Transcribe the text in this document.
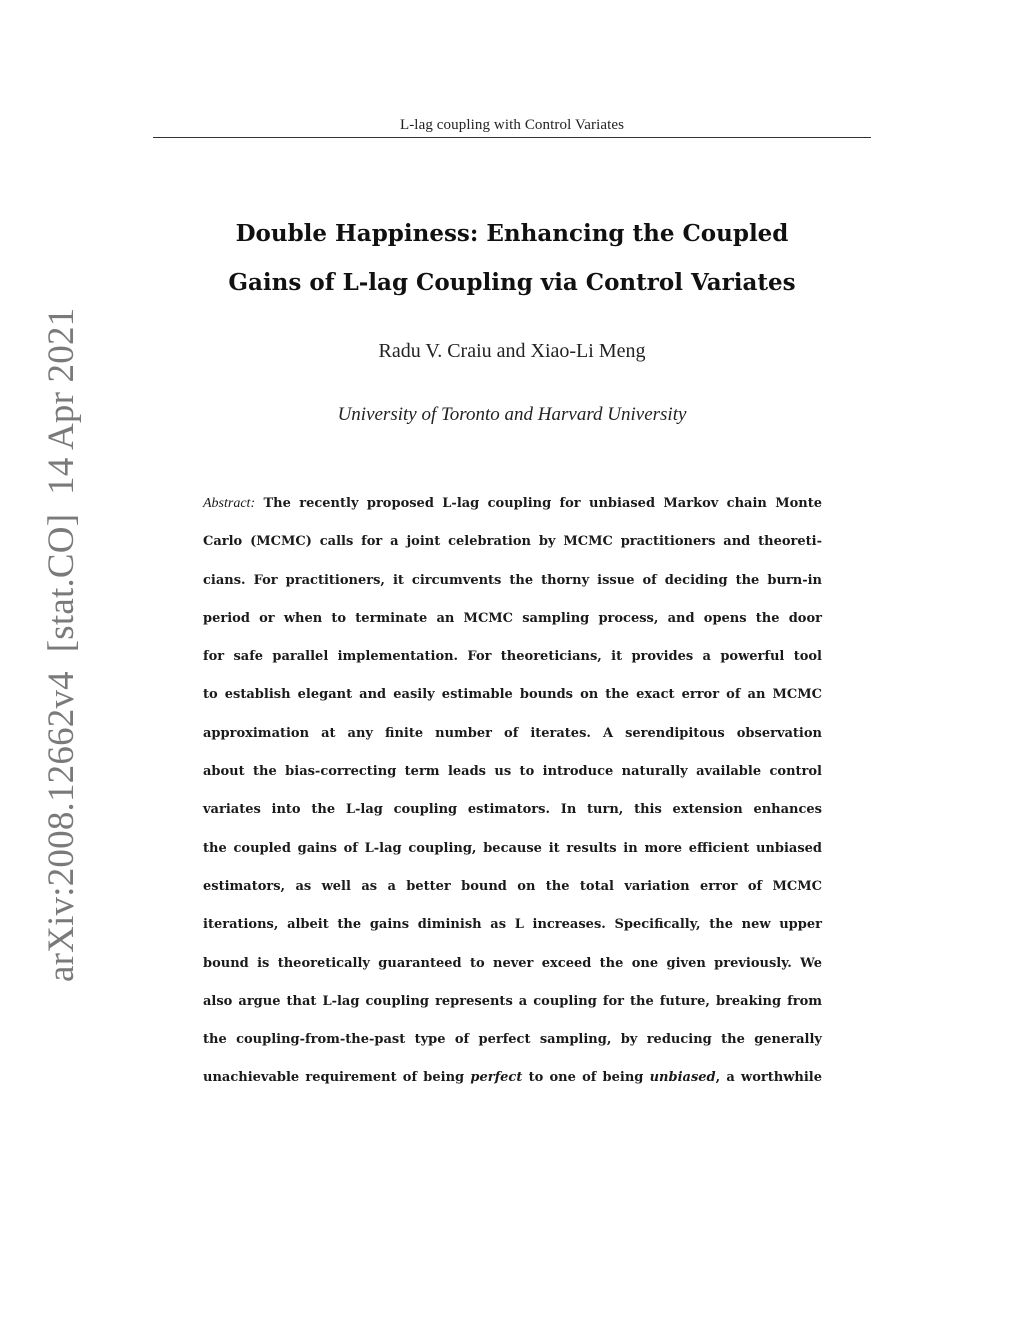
L-lag coupling with Control Variates
Double Happiness: Enhancing the Coupled
Gains of L-lag Coupling via Control Variates
Radu V. Craiu and Xiao-Li Meng
University of Toronto and Harvard University
Abstract: The recently proposed L-lag coupling for unbiased Markov chain Monte
Carlo (MCMC) calls for a joint celebration by MCMC practitioners and theoreti-
cians. For practitioners, it circumvents the thorny issue of deciding the burn-in
period or when to terminate an MCMC sampling process, and opens the door
for safe parallel implementation. For theoreticians, it provides a powerful tool
to establish elegant and easily estimable bounds on the exact error of an MCMC
approximation at any finite number of iterates. A serendipitous observation
about the bias-correcting term leads us to introduce naturally available control
variates into the L-lag coupling estimators. In turn, this extension enhances
the coupled gains of L-lag coupling, because it results in more efficient unbiased
estimators, as well as a better bound on the total variation error of MCMC
iterations, albeit the gains diminish as L increases. Specifically, the new upper
bound is theoretically guaranteed to never exceed the one given previously. We
also argue that L-lag coupling represents a coupling for the future, breaking from
the coupling-from-the-past type of perfect sampling, by reducing the generally
unachievable requirement of being perfect to one of being unbiased, a worthwhile
arXiv:2008.12662v4  [stat.CO]  14 Apr 2021
